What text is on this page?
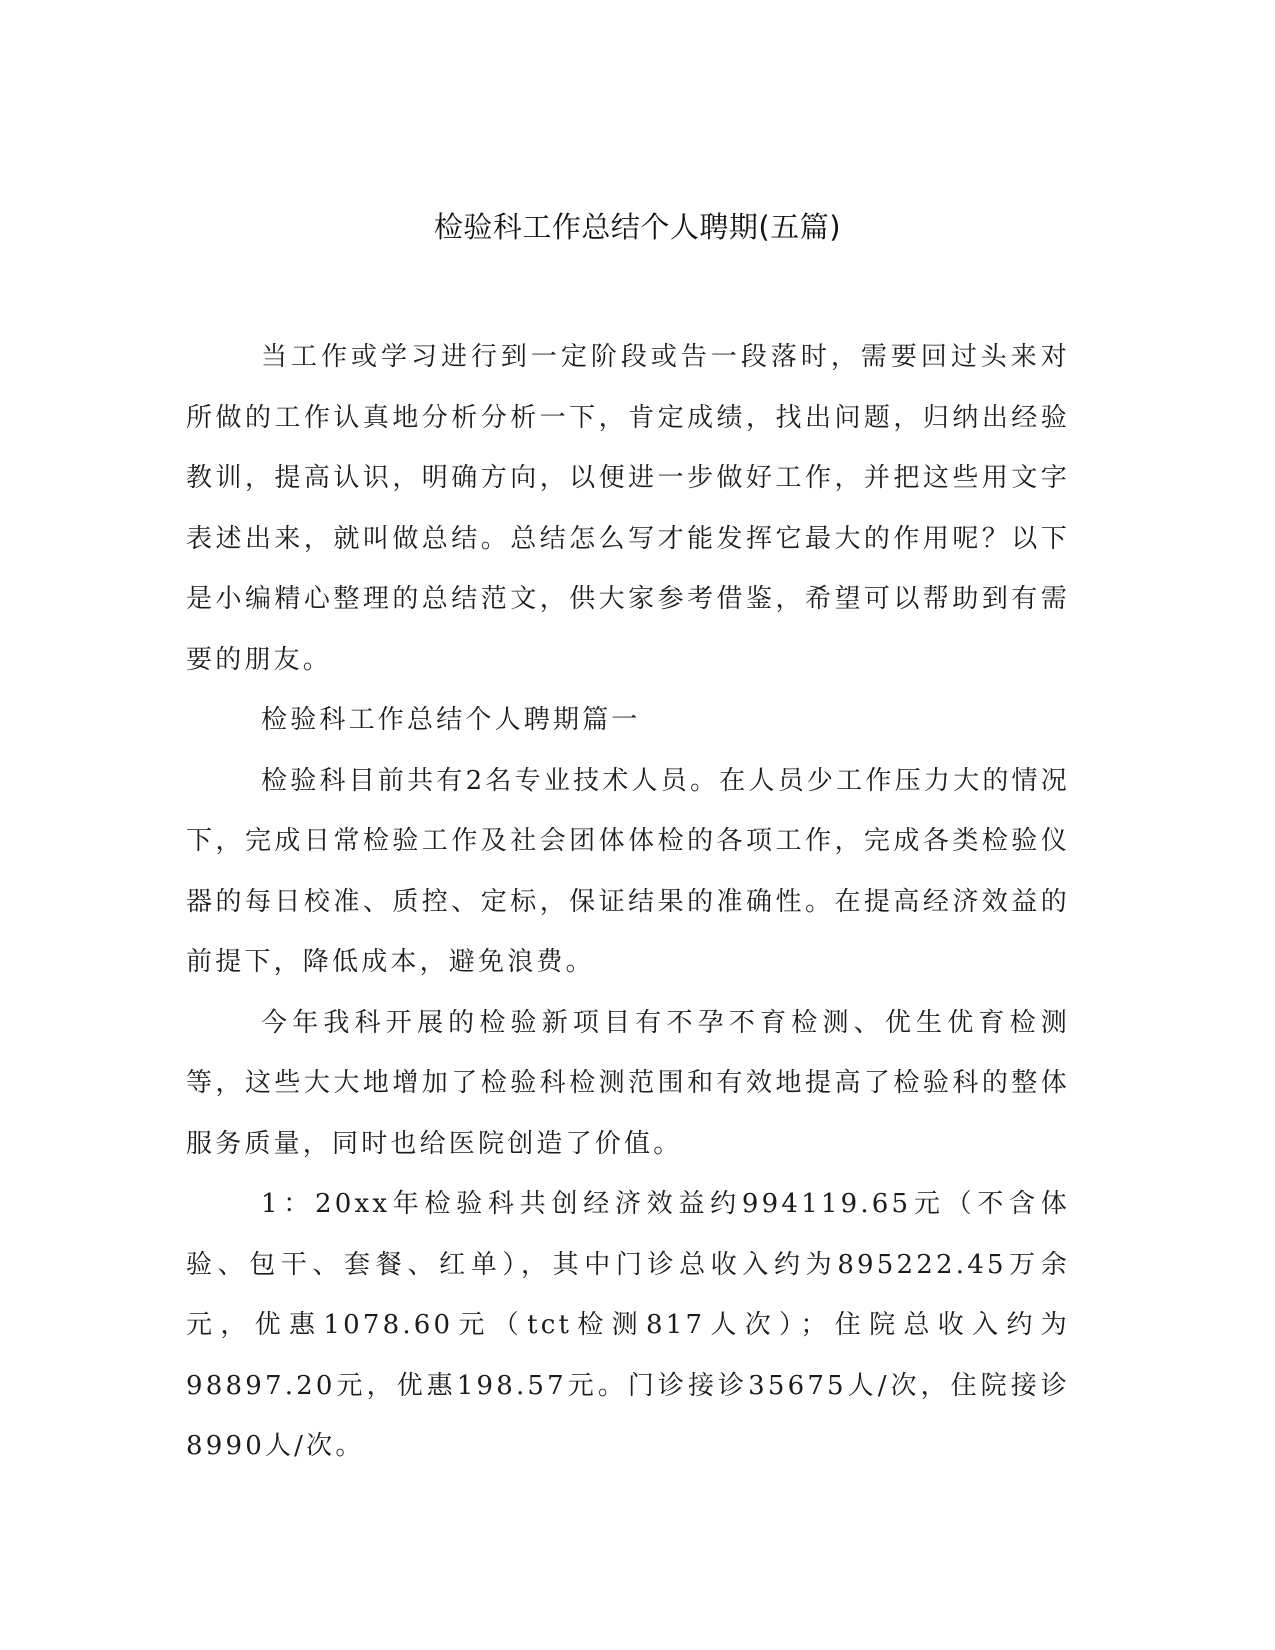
检验科工作总结个人聘期(五篇)

当工作或学习进行到一定阶段或告一段落时，需要回过头来对所做的工作认真地分析分析一下，肯定成绩，找出问题，归纳出经验教训，提高认识，明确方向，以便进一步做好工作，并把这些用文字表述出来，就叫做总结。总结怎么写才能发挥它最大的作用呢？以下是小编精心整理的总结范文，供大家参考借鉴，希望可以帮助到有需要的朋友。

检验科工作总结个人聘期篇一

检验科目前共有2名专业技术人员。在人员少工作压力大的情况下，完成日常检验工作及社会团体体检的各项工作，完成各类检验仪器的每日校准、质控、定标，保证结果的准确性。在提高经济效益的前提下，降低成本，避免浪费。

今年我科开展的检验新项目有不孕不育检测、优生优育检测等，这些大大地增加了检验科检测范围和有效地提高了检验科的整体服务质量，同时也给医院创造了价值。

1：20xx年检验科共创经济效益约994119.65元（不含体验、包干、套餐、红单），其中门诊总收入约为895222.45万余元，优惠1078.60元（tct检测817人次）；住院总收入约为98897.20元，优惠198.57元。门诊接诊35675人/次，住院接诊8990人/次。
